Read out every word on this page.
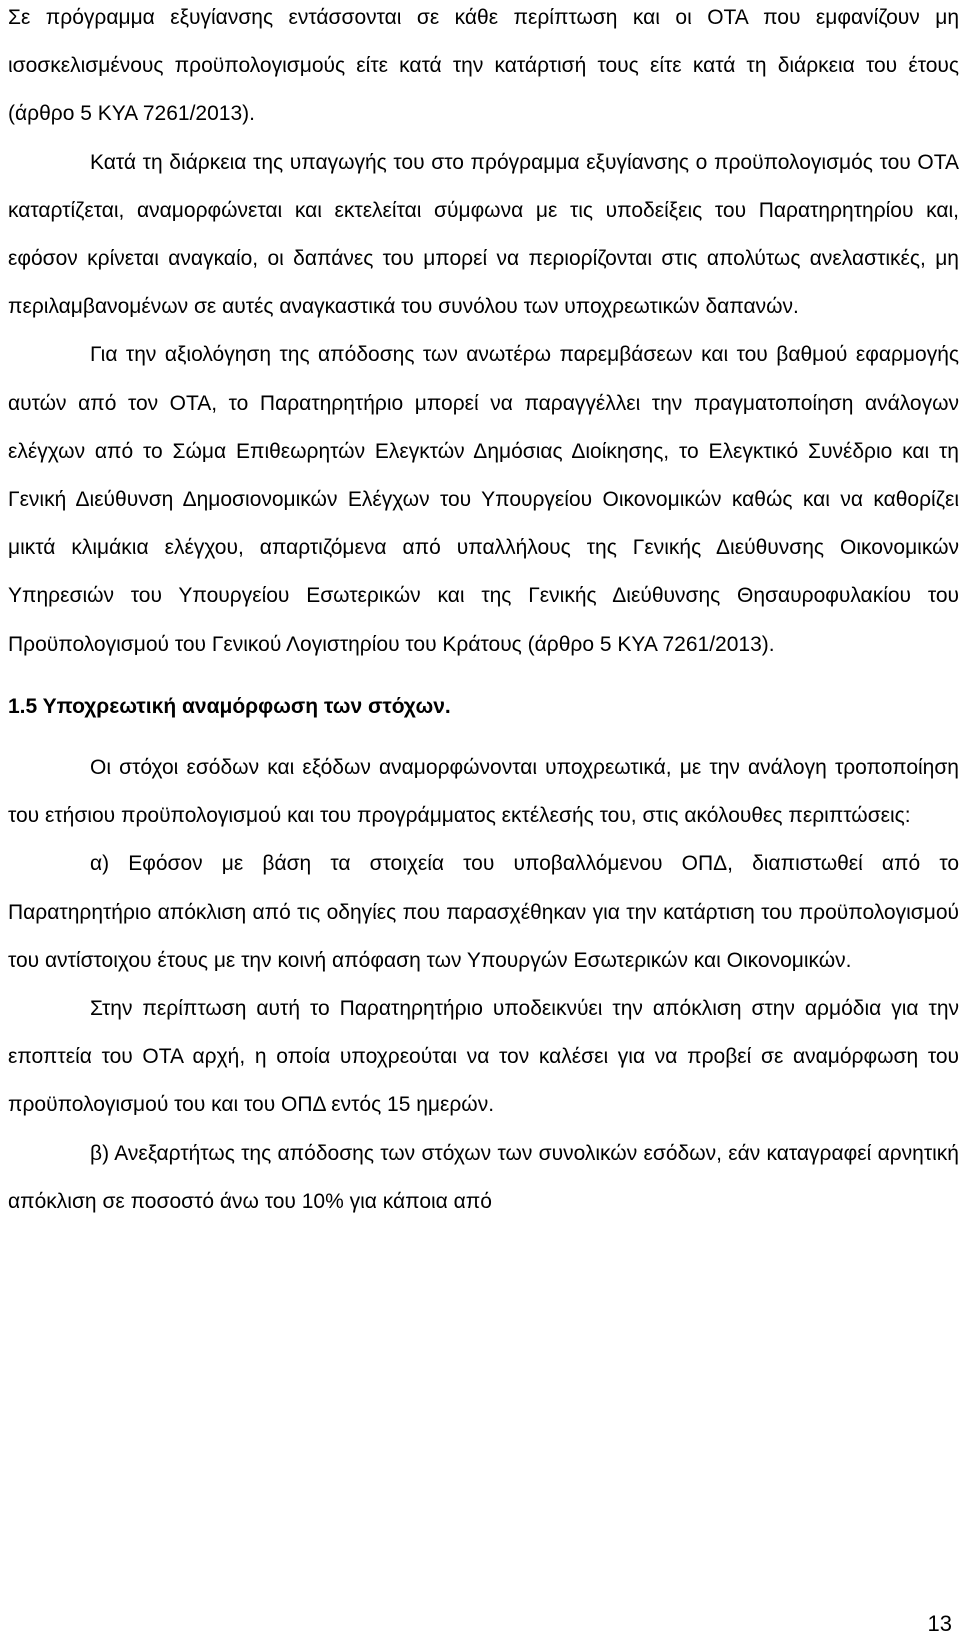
Σε πρόγραμμα εξυγίανσης εντάσσονται σε κάθε περίπτωση και οι ΟΤΑ που εμφανίζουν μη ισοσκελισμένους προϋπολογισμούς είτε κατά την κατάρτισή τους είτε κατά τη διάρκεια του έτους (άρθρο 5 ΚΥΑ 7261/2013).

Κατά τη διάρκεια της υπαγωγής του στο πρόγραμμα εξυγίανσης ο προϋπολογισμός του ΟΤΑ καταρτίζεται, αναμορφώνεται και εκτελείται σύμφωνα με τις υποδείξεις του Παρατηρητηρίου και, εφόσον κρίνεται αναγκαίο, οι δαπάνες του μπορεί να περιορίζονται στις απολύτως ανελαστικές, μη περιλαμβανομένων σε αυτές αναγκαστικά του συνόλου των υποχρεωτικών δαπανών.

Για την αξιολόγηση της απόδοσης των ανωτέρω παρεμβάσεων και του βαθμού εφαρμογής αυτών από τον ΟΤΑ, το Παρατηρητήριο μπορεί να παραγγέλλει την πραγματοποίηση ανάλογων ελέγχων από το Σώμα Επιθεωρητών Ελεγκτών Δημόσιας Διοίκησης, το Ελεγκτικό Συνέδριο και τη Γενική Διεύθυνση Δημοσιονομικών Ελέγχων του Υπουργείου Οικονομικών καθώς και να καθορίζει μικτά κλιμάκια ελέγχου, απαρτιζόμενα από υπαλλήλους της Γενικής Διεύθυνσης Οικονομικών Υπηρεσιών του Υπουργείου Εσωτερικών και της Γενικής Διεύθυνσης Θησαυροφυλακίου του Προϋπολογισμού του Γενικού Λογιστηρίου του Κράτους (άρθρο 5 ΚΥΑ 7261/2013).

1.5 Υποχρεωτική αναμόρφωση των στόχων.

Οι στόχοι εσόδων και εξόδων αναμορφώνονται υποχρεωτικά, με την ανάλογη τροποποίηση του ετήσιου προϋπολογισμού και του προγράμματος εκτέλεσής του, στις ακόλουθες περιπτώσεις:

α) Εφόσον με βάση τα στοιχεία του υποβαλλόμενου ΟΠΔ, διαπιστωθεί από το Παρατηρητήριο απόκλιση από τις οδηγίες που παρασχέθηκαν για την κατάρτιση του προϋπολογισμού του αντίστοιχου έτους με την κοινή απόφαση των Υπουργών Εσωτερικών και Οικονομικών.

Στην περίπτωση αυτή το Παρατηρητήριο υποδεικνύει την απόκλιση στην αρμόδια για την εποπτεία του ΟΤΑ αρχή, η οποία υποχρεούται να τον καλέσει για να προβεί σε αναμόρφωση του προϋπολογισμού του και του ΟΠΔ εντός 15 ημερών.

β) Ανεξαρτήτως της απόδοσης των στόχων των συνολικών εσόδων, εάν καταγραφεί αρνητική απόκλιση σε ποσοστό άνω του 10% για κάποια από

13
